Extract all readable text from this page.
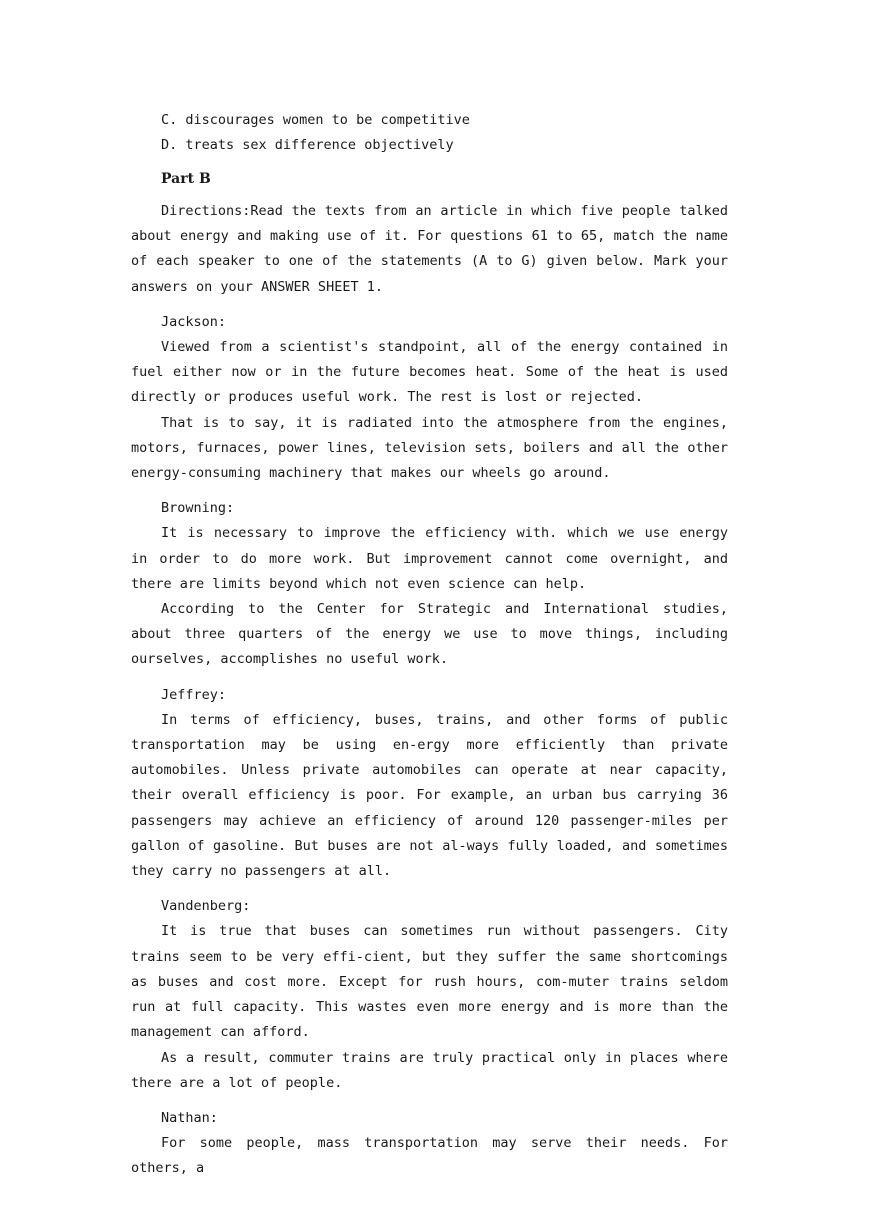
C. discourages women to be competitive

D. treats sex difference objectively

Part B

Directions:Read the texts from an article in which five people talked about energy and making use of it. For questions 61 to 65, match the name of each speaker to one of the statements (A to G) given below. Mark your answers on your ANSWER SHEET 1.

Jackson:

Viewed from a scientist's standpoint, all of the energy contained in fuel either now or in the future becomes heat. Some of the heat is used directly or produces useful work. The rest is lost or rejected.

That is to say, it is radiated into the atmosphere from the engines, motors, furnaces, power lines, television sets, boilers and all the other energy-consuming machinery that makes our wheels go around.

Browning:

It is necessary to improve the efficiency with. which we use energy in order to do more work. But improvement cannot come overnight, and there are limits beyond which not even science can help.

According to the Center for Strategic and International studies, about three quarters of the energy we use to move things, including ourselves, accomplishes no useful work.

Jeffrey:

In terms of efficiency, buses, trains, and other forms of public transportation may be using en-ergy more efficiently than private automobiles. Unless private automobiles can operate at near capacity, their overall efficiency is poor. For example, an urban bus carrying 36 passengers may achieve an efficiency of around 120 passenger-miles per gallon of gasoline. But buses are not al-ways fully loaded, and sometimes they carry no passengers at all.

Vandenberg:

It is true that buses can sometimes run without passengers. City trains seem to be very effi-cient, but they suffer the same shortcomings as buses and cost more. Except for rush hours, com-muter trains seldom run at full capacity. This wastes even more energy and is more than the management can afford.

As a result, commuter trains are truly practical only in places where there are a lot of people.

Nathan:

For some people, mass transportation may serve their needs. For others, a
